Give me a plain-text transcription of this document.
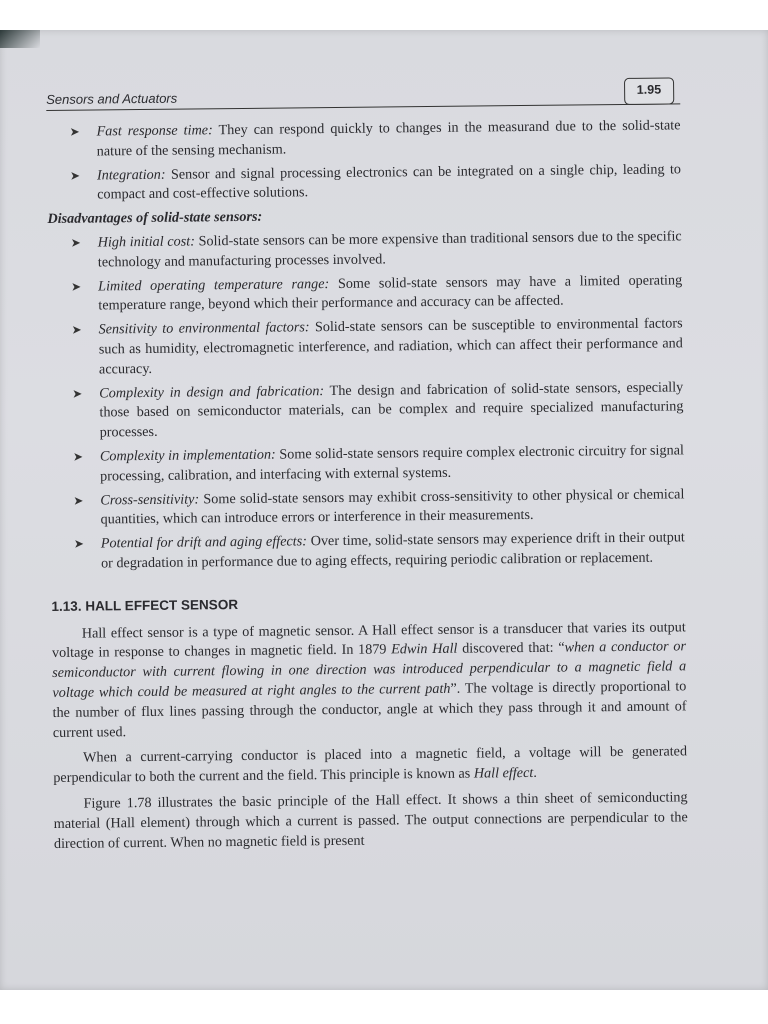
Sensors and Actuators
1.95
➤ Fast response time: They can respond quickly to changes in the measurand due to the solid-state nature of the sensing mechanism.
➤ Integration: Sensor and signal processing electronics can be integrated on a single chip, leading to compact and cost-effective solutions.
Disadvantages of solid-state sensors:
➤ High initial cost: Solid-state sensors can be more expensive than traditional sensors due to the specific technology and manufacturing processes involved.
➤ Limited operating temperature range: Some solid-state sensors may have a limited operating temperature range, beyond which their performance and accuracy can be affected.
➤ Sensitivity to environmental factors: Solid-state sensors can be susceptible to environmental factors such as humidity, electromagnetic interference, and radiation, which can affect their performance and accuracy.
➤ Complexity in design and fabrication: The design and fabrication of solid-state sensors, especially those based on semiconductor materials, can be complex and require specialized manufacturing processes.
➤ Complexity in implementation: Some solid-state sensors require complex electronic circuitry for signal processing, calibration, and interfacing with external systems.
➤ Cross-sensitivity: Some solid-state sensors may exhibit cross-sensitivity to other physical or chemical quantities, which can introduce errors or interference in their measurements.
➤ Potential for drift and aging effects: Over time, solid-state sensors may experience drift in their output or degradation in performance due to aging effects, requiring periodic calibration or replacement.
1.13. HALL EFFECT SENSOR

Hall effect sensor is a type of magnetic sensor. A Hall effect sensor is a transducer that varies its output voltage in response to changes in magnetic field. In 1879 Edwin Hall discovered that: “when a conductor or semiconductor with current flowing in one direction was introduced perpendicular to a magnetic field a voltage which could be measured at right angles to the current path”. The voltage is directly proportional to the number of flux lines passing through the conductor, angle at which they pass through it and amount of current used.

When a current-carrying conductor is placed into a magnetic field, a voltage will be generated perpendicular to both the current and the field. This principle is known as Hall effect.

Figure 1.78 illustrates the basic principle of the Hall effect. It shows a thin sheet of semiconducting material (Hall element) through which a current is passed. The output connections are perpendicular to the direction of current. When no magnetic field is present
